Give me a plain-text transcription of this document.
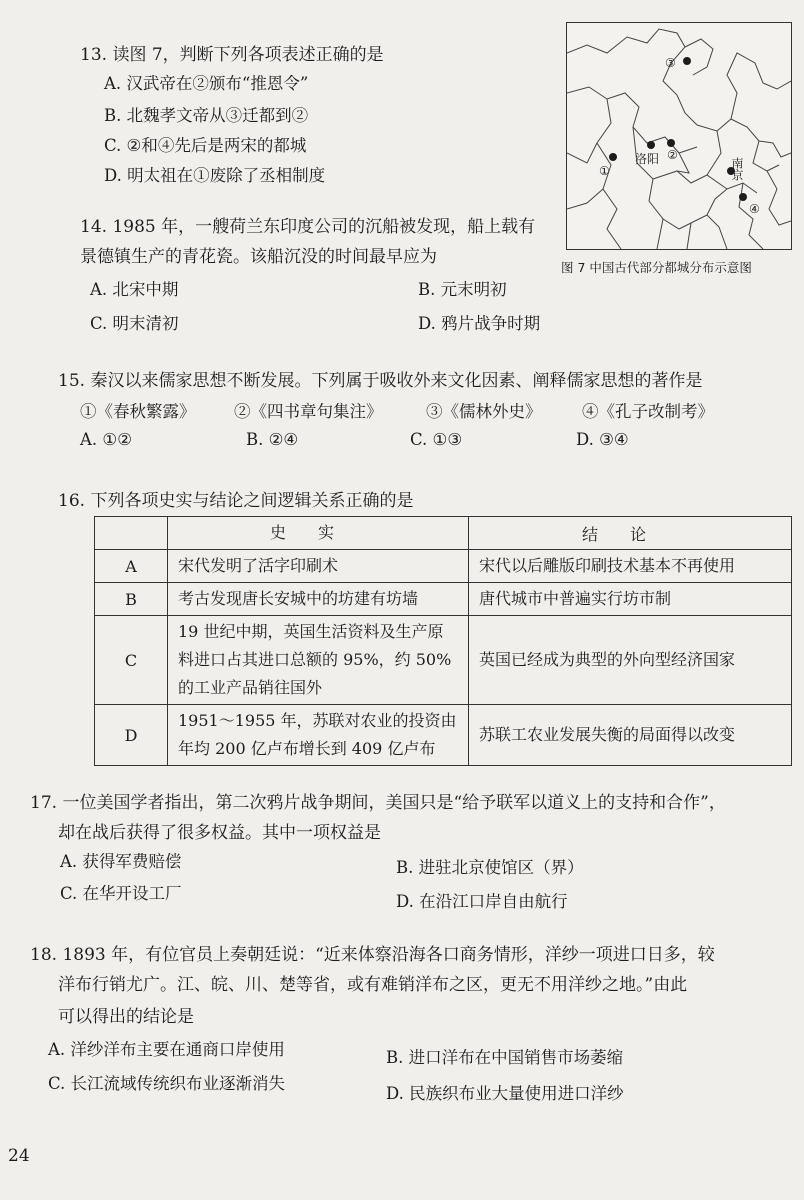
13. 读图 7，判断下列各项表述正确的是
A. 汉武帝在②颁布“推恩令”
B. 北魏孝文帝从③迁都到②
C. ②和④先后是两宋的都城
D. 明太祖在①废除了丞相制度
③
①
洛阳 ②
南京
④
图 7 中国古代部分都城分布示意图
14. 1985 年，一艘荷兰东印度公司的沉船被发现，船上载有
景德镇生产的青花瓷。该船沉没的时间最早应为
A. 北宋中期	B. 元末明初
C. 明末清初	D. 鸦片战争时期
15. 秦汉以来儒家思想不断发展。下列属于吸收外来文化因素、阐释儒家思想的著作是
①《春秋繁露》 ②《四书章句集注》	③《儒林外史》 ④《孔子改制考》
A. ①②	B. ②④	C. ①③	D. ③④
16. 下列各项史实与结论之间逻辑关系正确的是
	史实	结论
A	宋代发明了活字印刷术	宋代以后雕版印刷技术基本不再使用
B	考古发现唐长安城中的坊建有坊墙	唐代城市中普遍实行坊市制
C	19 世纪中期，英国生活资料及生产原料进口占其进口总额的 95%，约 50% 的工业产品销往国外	英国已经成为典型的外向型经济国家
D	1951～1955 年，苏联对农业的投资由年均 200 亿卢布增长到 409 亿卢布	苏联工农业发展失衡的局面得以改变
17. 一位美国学者指出，第二次鸦片战争期间，美国只是“给予联军以道义上的支持和合作”，
却在战后获得了很多权益。其中一项权益是
A. 获得军费赔偿	B. 进驻北京使馆区（界）
C. 在华开设工厂	D. 在沿江口岸自由航行
18. 1893 年，有位官员上奏朝廷说：“近来体察沿海各口商务情形，洋纱一项进口日多，较
洋布行销尤广。江、皖、川、楚等省，或有难销洋布之区，更无不用洋纱之地。”由此
可以得出的结论是
A. 洋纱洋布主要在通商口岸使用	B. 进口洋布在中国销售市场萎缩
C. 长江流域传统织布业逐渐消失
D. 民族织布业大量使用进口洋纱
24
